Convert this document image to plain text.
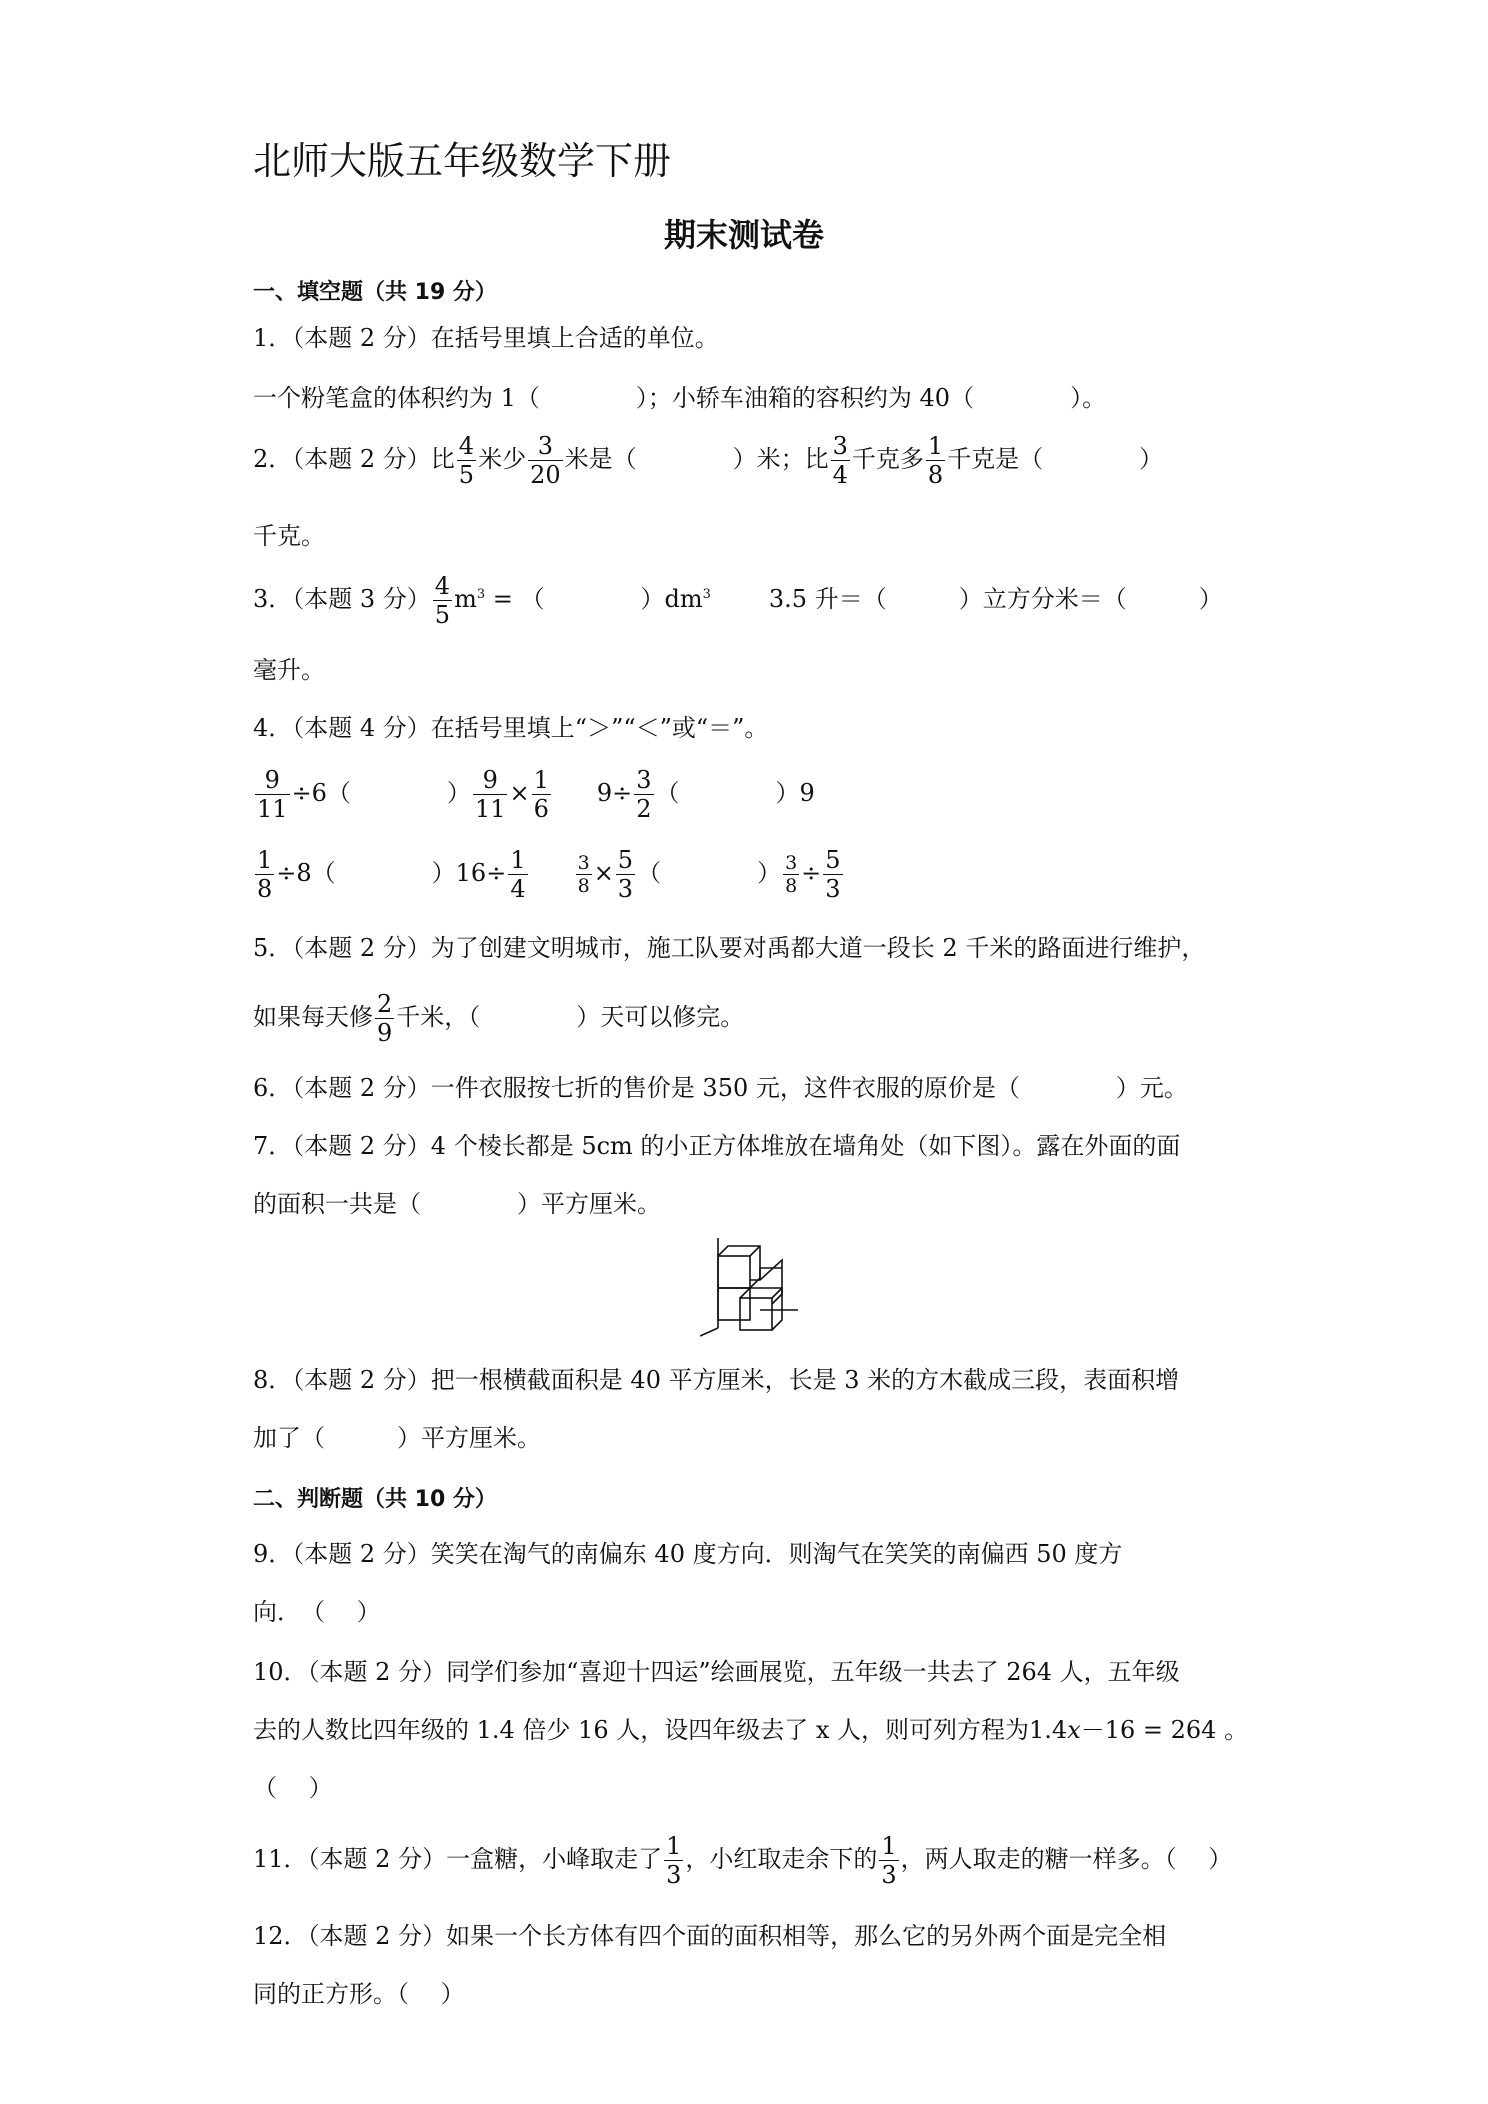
北师大版五年级数学下册
期末测试卷
一、填空题（共 19 分）
1．（本题 2 分）在括号里填上合适的单位。
一个粉笔盒的体积约为 1（　　　　）；小轿车油箱的容积约为 40（　　　　）。
2．（本题 2 分）比 $\frac{4}{5}$ 米少 $\frac{3}{20}$ 米是（　　　　）米；比 $\frac{3}{4}$ 千克多 $\frac{1}{8}$ 千克是（　　　　）
千克。
3．（本题 3 分） $\frac{4}{5} m^3$ = （　　　　）$dm^3$ 3.5 升＝（　　　）立方分米＝（　　　）
毫升。
4．（本题 4 分）在括号里填上“＞”“＜”或“＝”。
$\frac{9}{11} \div 6$（　　　　） $\frac{9}{11} \times \frac{1}{6} 9\div \frac{3}{2}$ （　　　　）9
$\frac{1}{8} \div 8$（　　　　）$16\div \frac{1}{4}$	$\frac{3}{8} \times \frac{5}{3}$ （　　　　） $\frac{3}{8} \div \frac{5}{3}$
5．（本题 2 分）为了创建文明城市，施工队要对禹都大道一段长 2 千米的路面进行维护，
如果每天修 $\frac{2}{9}$ 千米，（　　　　）天可以修完。
6．（本题 2 分）一件衣服按七折的售价是 350 元，这件衣服的原价是（　　　　）元。
7．（本题 2 分）4 个棱长都是 5cm 的小正方体堆放在墙角处（如下图）。露在外面的面
的面积一共是（　　　　）平方厘米。
8．（本题 2 分）把一根横截面积是 40 平方厘米，长是 3 米的方木截成三段，表面积增
加了（　　　）平方厘米。
二、判断题（共 10 分）
9．（本题 2 分）笑笑在淘气的南偏东 40 度方向．则淘气在笑笑的南偏西 50 度方
向．　（　 ）
10．（本题 2 分）同学们参加“喜迎十四运”绘画展览，五年级一共去了 264 人，五年级
去的人数比四年级的 1.4 倍少 16 人，设四年级去了 x 人，则可列方程为1.4x－16 = 264 。
（　 ）
11．（本题 2 分）一盒糖，小峰取走了 $\frac{1}{3}$ ，小红取走余下的 $\frac{1}{3}$ ，两人取走的糖一样多。（　 ）
12．（本题 2 分）如果一个长方体有四个面的面积相等，那么它的另外两个面是完全相
同的正方形。（　 ）
